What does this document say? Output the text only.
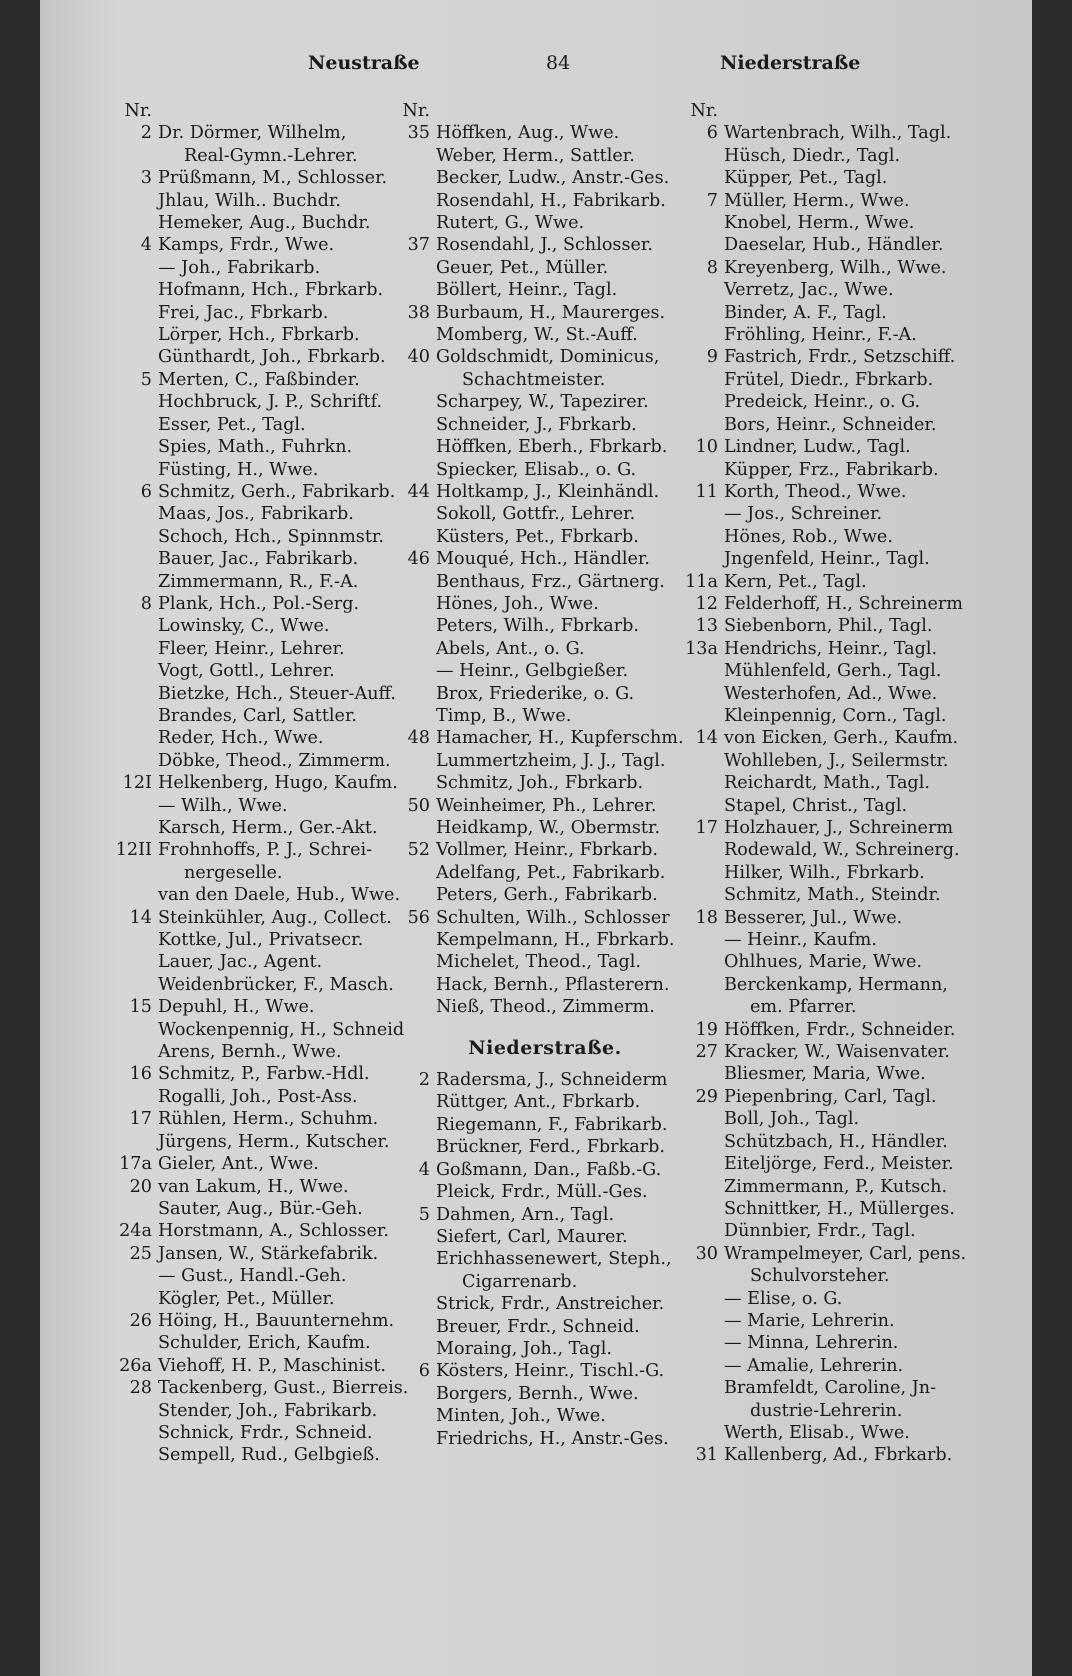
Neustraße	84	Niederstraße
Nr.
2 Dr. Dörmer, Wilhelm,
Real-Gymn.-Lehrer.
3 Prüßmann, M., Schlosser.
Jhlau, Wilh.. Buchdr.
Hemeker, Aug., Buchdr.
4 Kamps, Frdr., Wwe.
— Joh., Fabrikarb.
Hofmann, Hch., Fbrkarb.
Frei, Jac., Fbrkarb.
Lörper, Hch., Fbrkarb.
Günthardt, Joh., Fbrkarb.
5 Merten, C., Faßbinder.
Hochbruck, J. P., Schriftf.
Esser, Pet., Tagl.
Spies, Math., Fuhrkn.
Füsting, H., Wwe.
6 Schmitz, Gerh., Fabrikarb.
Maas, Jos., Fabrikarb.
Schoch, Hch., Spinnmstr.
Bauer, Jac., Fabrikarb.
Zimmermann, R., F.-A.
8 Plank, Hch., Pol.-Serg.
Lowinsky, C., Wwe.
Fleer, Heinr., Lehrer.
Vogt, Gottl., Lehrer.
Bietzke, Hch., Steuer-Auff.
Brandes, Carl, Sattler.
Reder, Hch., Wwe.
Döbke, Theod., Zimmerm.
12I Helkenberg, Hugo, Kaufm.
— Wilh., Wwe.
Karsch, Herm., Ger.-Akt.
12II Frohnhoffs, P. J., Schrei-
nergeselle.
van den Daele, Hub., Wwe.
14 Steinkühler, Aug., Collect.
Kottke, Jul., Privatsecr.
Lauer, Jac., Agent.
Weidenbrücker, F., Masch.
15 Depuhl, H., Wwe.
Wockenpennig, H., Schneid
Arens, Bernh., Wwe.
16 Schmitz, P., Farbw.-Hdl.
Rogalli, Joh., Post-Ass.
17 Rühlen, Herm., Schuhm.
Jürgens, Herm., Kutscher.
17a Gieler, Ant., Wwe.
20 van Lakum, H., Wwe.
Sauter, Aug., Bür.-Geh.
24a Horstmann, A., Schlosser.
25 Jansen, W., Stärkefabrik.
— Gust., Handl.-Geh.
Kögler, Pet., Müller.
26 Höing, H., Bauunternehm.
Schulder, Erich, Kaufm.
26a Viehoff, H. P., Maschinist.
28 Tackenberg, Gust., Bierreis.
Stender, Joh., Fabrikarb.
Schnick, Frdr., Schneid.
Sempell, Rud., Gelbgieß.
Nr.
35 Höffken, Aug., Wwe.
Weber, Herm., Sattler.
Becker, Ludw., Anstr.-Ges.
Rosendahl, H., Fabrikarb.
Rutert, G., Wwe.
37 Rosendahl, J., Schlosser.
Geuer, Pet., Müller.
Böllert, Heinr., Tagl.
38 Burbaum, H., Maurerges.
Momberg, W., St.-Auff.
40 Goldschmidt, Dominicus,
Schachtmeister.
Scharpey, W., Tapezirer.
Schneider, J., Fbrkarb.
Höffken, Eberh., Fbrkarb.
Spiecker, Elisab., o. G.
44 Holtkamp, J., Kleinhändl.
Sokoll, Gottfr., Lehrer.
Küsters, Pet., Fbrkarb.
46 Mouqué, Hch., Händler.
Benthaus, Frz., Gärtnerg.
Hönes, Joh., Wwe.
Peters, Wilh., Fbrkarb.
Abels, Ant., o. G.
— Heinr., Gelbgießer.
Brox, Friederike, o. G.
Timp, B., Wwe.
48 Hamacher, H., Kupferschm.
Lummertzheim, J. J., Tagl.
Schmitz, Joh., Fbrkarb.
50 Weinheimer, Ph., Lehrer.
Heidkamp, W., Obermstr.
52 Vollmer, Heinr., Fbrkarb.
Adelfang, Pet., Fabrikarb.
Peters, Gerh., Fabrikarb.
56 Schulten, Wilh., Schlosser
Kempelmann, H., Fbrkarb.
Michelet, Theod., Tagl.
Hack, Bernh., Pflasterern.
Nieß, Theod., Zimmerm.
Niederstraße.
2 Radersma, J., Schneiderm
Rüttger, Ant., Fbrkarb.
Riegemann, F., Fabrikarb.
Brückner, Ferd., Fbrkarb.
4 Goßmann, Dan., Faßb.-G.
Pleick, Frdr., Müll.-Ges.
5 Dahmen, Arn., Tagl.
Siefert, Carl, Maurer.
Erichhassenewert, Steph.,
Cigarrenarb.
Strick, Frdr., Anstreicher.
Breuer, Frdr., Schneid.
Moraing, Joh., Tagl.
6 Kösters, Heinr., Tischl.-G.
Borgers, Bernh., Wwe.
Minten, Joh., Wwe.
Friedrichs, H., Anstr.-Ges.
Nr.
6 Wartenbrach, Wilh., Tagl.
Hüsch, Diedr., Tagl.
Küpper, Pet., Tagl.
7 Müller, Herm., Wwe.
Knobel, Herm., Wwe.
Daeselar, Hub., Händler.
8 Kreyenberg, Wilh., Wwe.
Verretz, Jac., Wwe.
Binder, A. F., Tagl.
Fröhling, Heinr., F.-A.
9 Fastrich, Frdr., Setzschiff.
Frütel, Diedr., Fbrkarb.
Predeick, Heinr., o. G.
Bors, Heinr., Schneider.
10 Lindner, Ludw., Tagl.
Küpper, Frz., Fabrikarb.
11 Korth, Theod., Wwe.
— Jos., Schreiner.
Hönes, Rob., Wwe.
Jngenfeld, Heinr., Tagl.
11a Kern, Pet., Tagl.
12 Felderhoff, H., Schreinerm
13 Siebenborn, Phil., Tagl.
13a Hendrichs, Heinr., Tagl.
Mühlenfeld, Gerh., Tagl.
Westerhofen, Ad., Wwe.
Kleinpennig, Corn., Tagl.
14 von Eicken, Gerh., Kaufm.
Wohlleben, J., Seilermstr.
Reichardt, Math., Tagl.
Stapel, Christ., Tagl.
17 Holzhauer, J., Schreinerm
Rodewald, W., Schreinerg.
Hilker, Wilh., Fbrkarb.
Schmitz, Math., Steindr.
18 Besserer, Jul., Wwe.
— Heinr., Kaufm.
Ohlhues, Marie, Wwe.
Berckenkamp, Hermann,
em. Pfarrer.
19 Höffken, Frdr., Schneider.
27 Kracker, W., Waisenvater.
Bliesmer, Maria, Wwe.
29 Piepenbring, Carl, Tagl.
Boll, Joh., Tagl.
Schützbach, H., Händler.
Eiteljörge, Ferd., Meister.
Zimmermann, P., Kutsch.
Schnittker, H., Müllerges.
Dünnbier, Frdr., Tagl.
30 Wrampelmeyer, Carl, pens.
Schulvorsteher.
— Elise, o. G.
— Marie, Lehrerin.
— Minna, Lehrerin.
— Amalie, Lehrerin.
Bramfeldt, Caroline, Jn-
dustrie-Lehrerin.
Werth, Elisab., Wwe.
31 Kallenberg, Ad., Fbrkarb.
